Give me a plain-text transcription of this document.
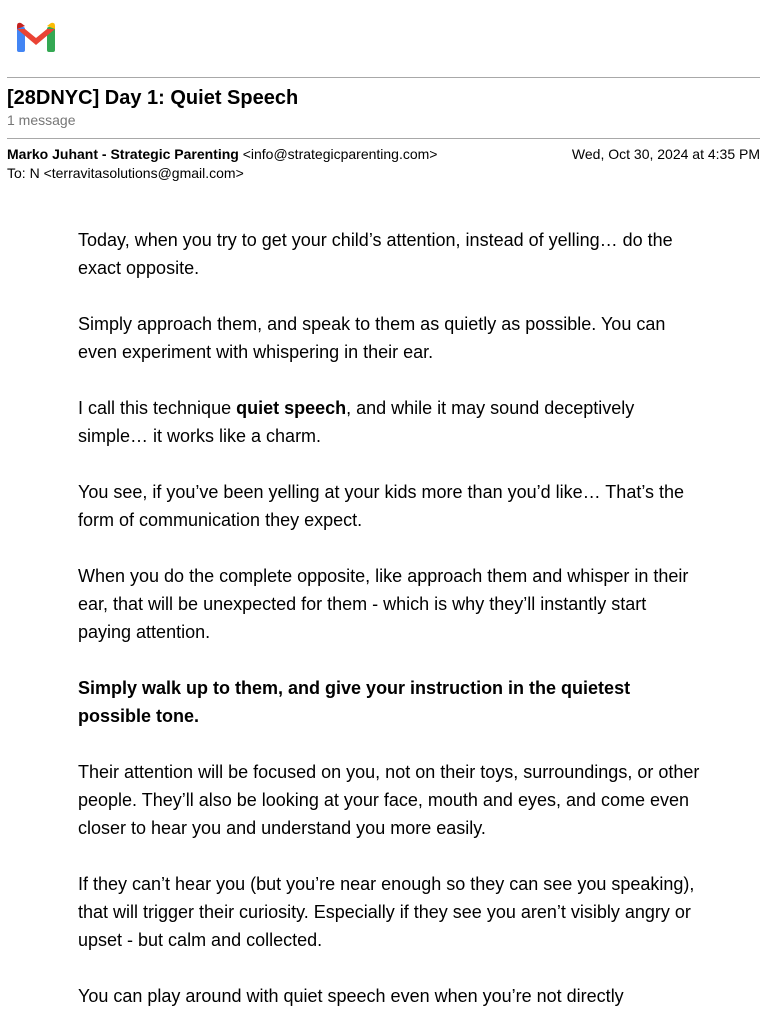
[28DNYC] Day 1: Quiet Speech
1 message
Marko Juhant - Strategic Parenting <info@strategicparenting.com>	Wed, Oct 30, 2024 at 4:35 PM
To: N <terravitasolutions@gmail.com>

Today, when you try to get your child’s attention, instead of yelling… do the exact opposite.

Simply approach them, and speak to them as quietly as possible. You can even experiment with whispering in their ear.

I call this technique quiet speech, and while it may sound deceptively simple… it works like a charm.

You see, if you’ve been yelling at your kids more than you’d like… That’s the form of communication they expect.

When you do the complete opposite, like approach them and whisper in their ear, that will be unexpected for them - which is why they’ll instantly start paying attention.

Simply walk up to them, and give your instruction in the quietest possible tone.

Their attention will be focused on you, not on their toys, surroundings, or other people. They’ll also be looking at your face, mouth and eyes, and come even closer to hear you and understand you more easily.

If they can’t hear you (but you’re near enough so they can see you speaking), that will trigger their curiosity. Especially if they see you aren’t visibly angry or upset - but calm and collected.

You can play around with quiet speech even when you’re not directly
